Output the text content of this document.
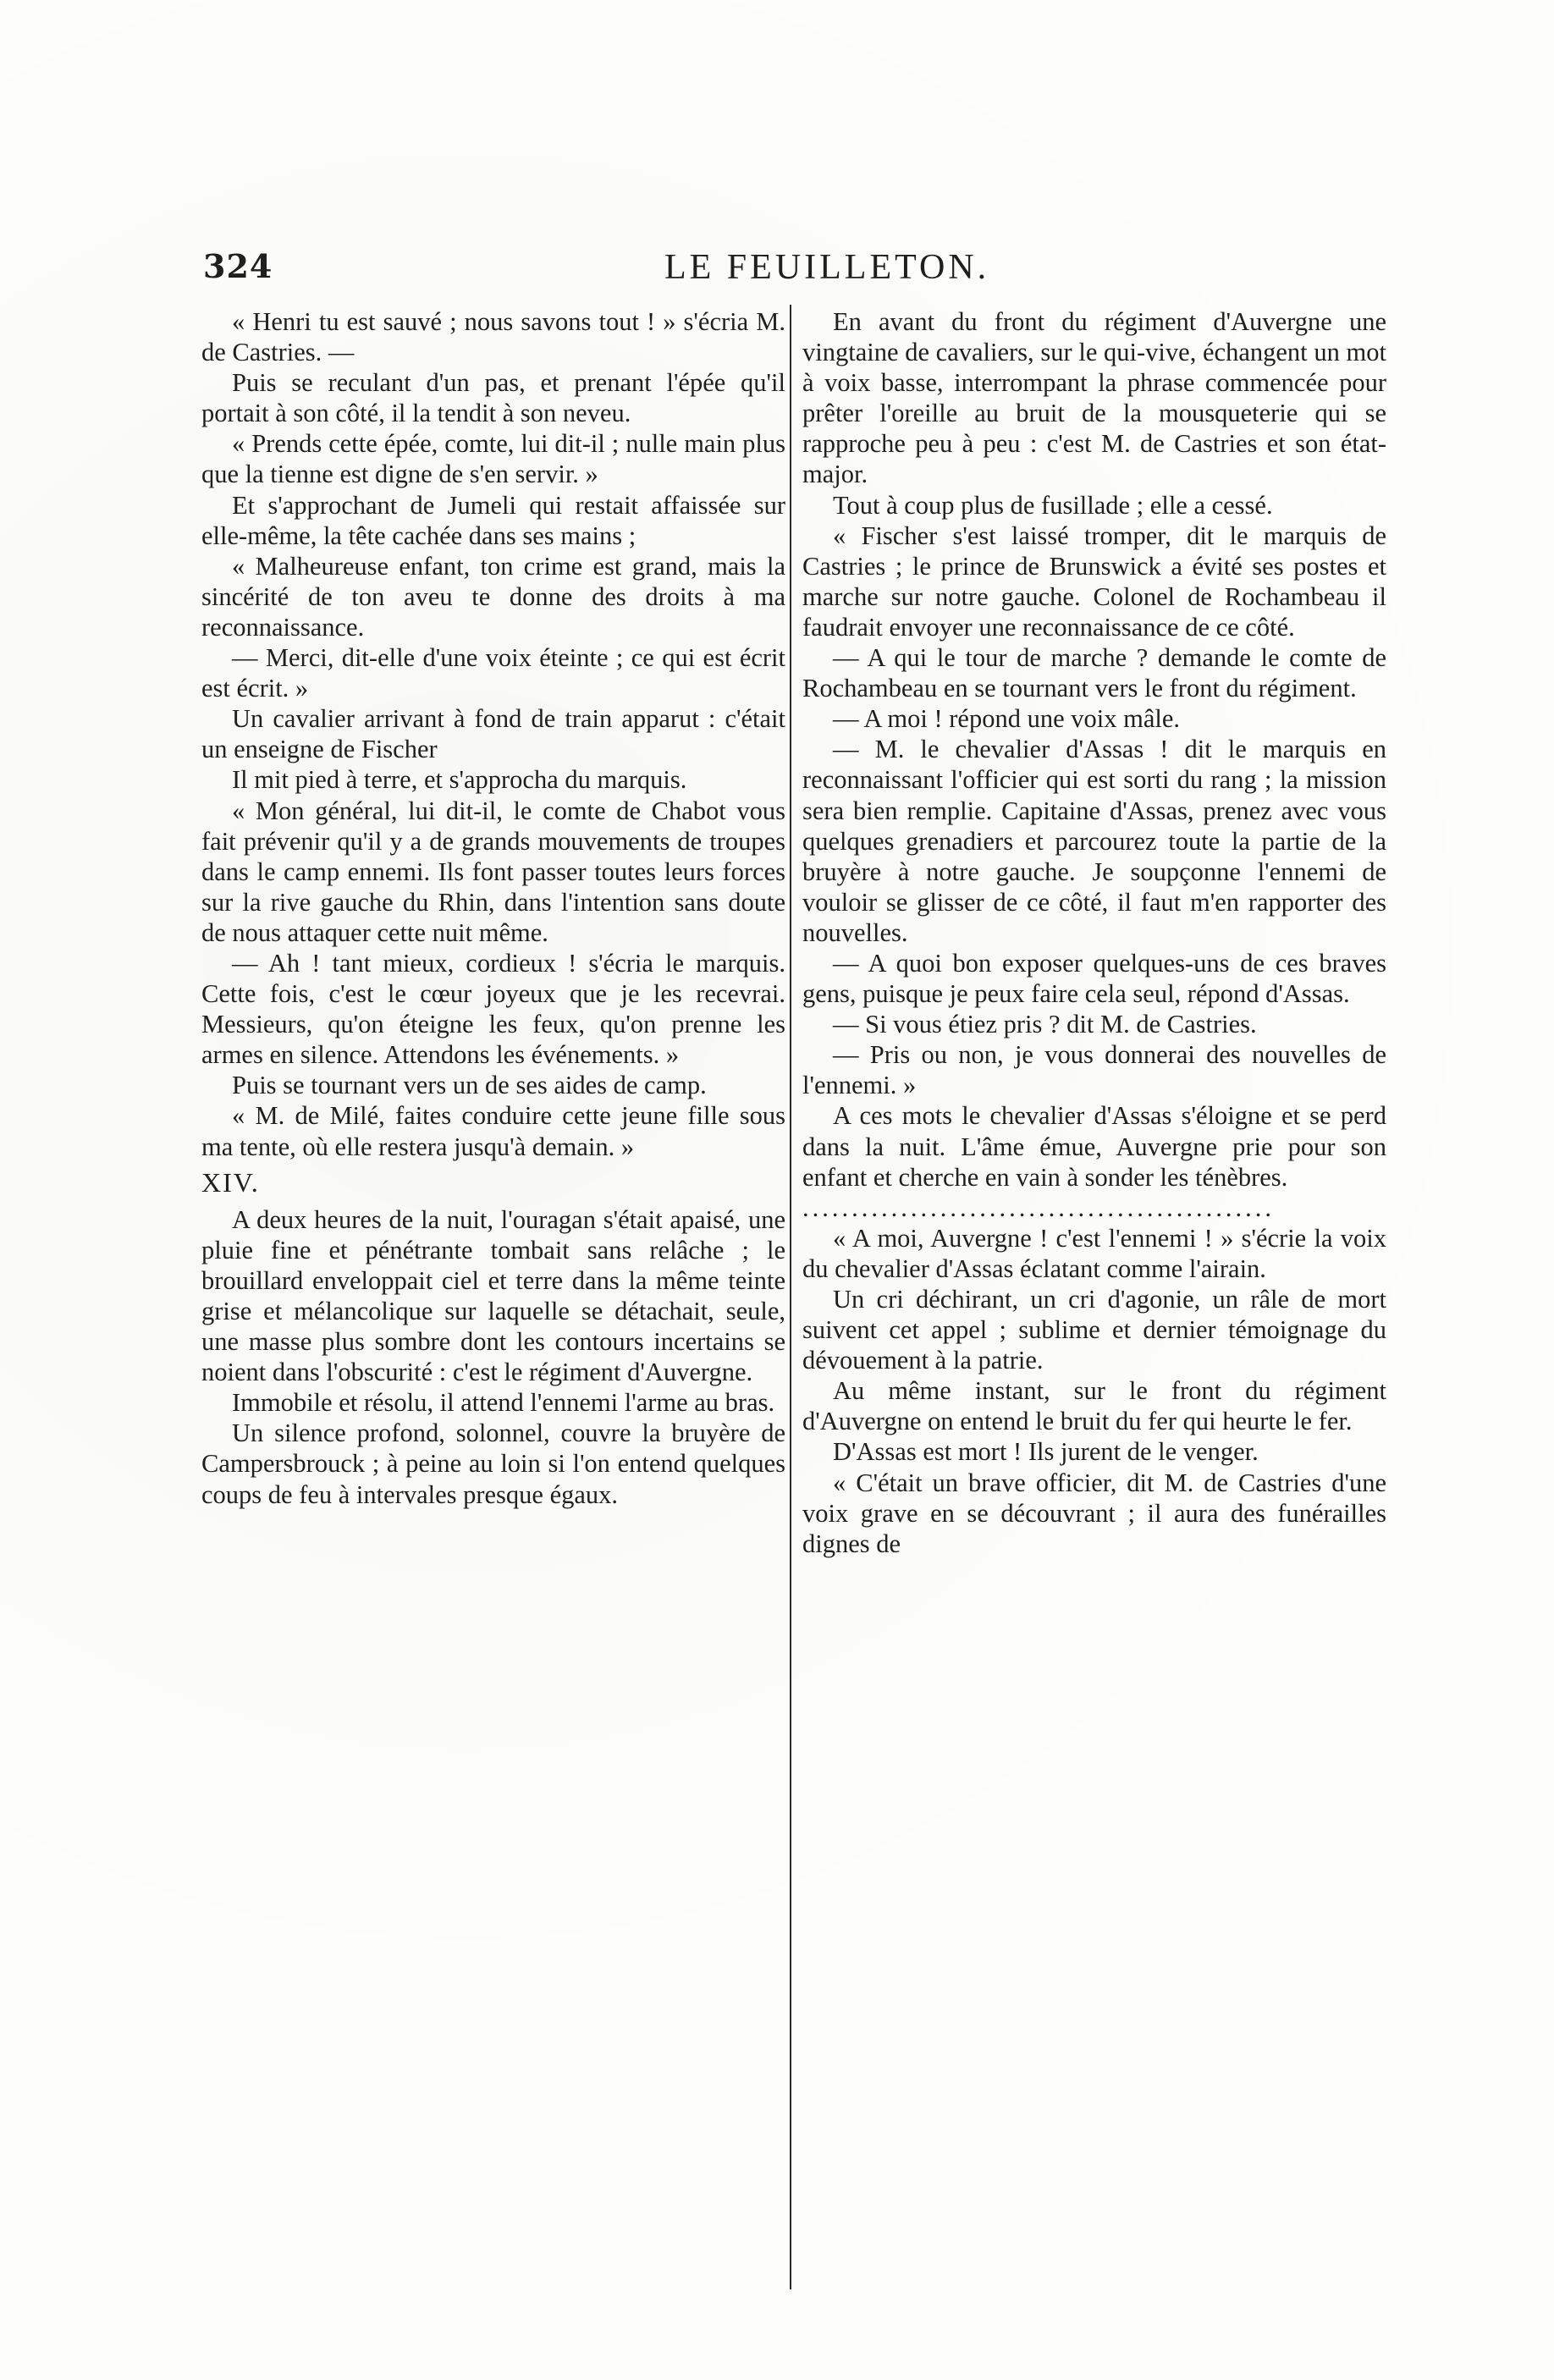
324	LE FEUILLETON.

« Henri tu est sauvé ; nous savons tout ! » s'écria M. de Castries. —

Puis se reculant d'un pas, et prenant l'épée qu'il portait à son côté, il la tendit à son neveu.

« Prends cette épée, comte, lui dit-il ; nulle main plus que la tienne est digne de s'en servir. »

Et s'approchant de Jumeli qui restait affaissée sur elle-même, la tête cachée dans ses mains ;

« Malheureuse enfant, ton crime est grand, mais la sincérité de ton aveu te donne des droits à ma reconnaissance.

— Merci, dit-elle d'une voix éteinte ; ce qui est écrit est écrit. »

Un cavalier arrivant à fond de train apparut : c'était un enseigne de Fischer

Il mit pied à terre, et s'approcha du marquis.

« Mon général, lui dit-il, le comte de Chabot vous fait prévenir qu'il y a de grands mouvements de troupes dans le camp ennemi. Ils font passer toutes leurs forces sur la rive gauche du Rhin, dans l'intention sans doute de nous attaquer cette nuit même.

— Ah ! tant mieux, cordieux ! s'écria le marquis. Cette fois, c'est le cœur joyeux que je les recevrai. Messieurs, qu'on éteigne les feux, qu'on prenne les armes en silence. Attendons les événements. »

Puis se tournant vers un de ses aides de camp.

« M. de Milé, faites conduire cette jeune fille sous ma tente, où elle restera jusqu'à demain. »

XIV.

A deux heures de la nuit, l'ouragan s'était apaisé, une pluie fine et pénétrante tombait sans relâche ; le brouillard enveloppait ciel et terre dans la même teinte grise et mélancolique sur laquelle se détachait, seule, une masse plus sombre dont les contours incertains se noient dans l'obscurité : c'est le régiment d'Auvergne.

Immobile et résolu, il attend l'ennemi l'arme au bras.

Un silence profond, solonnel, couvre la bruyère de Campersbrouck ; à peine au loin si l'on entend quelques coups de feu à intervales presque égaux.

En avant du front du régiment d'Auvergne une vingtaine de cavaliers, sur le qui-vive, échangent un mot à voix basse, interrompant la phrase commencée pour prêter l'oreille au bruit de la mousqueterie qui se rapproche peu à peu : c'est M. de Castries et son état-major.

Tout à coup plus de fusillade ; elle a cessé.

« Fischer s'est laissé tromper, dit le marquis de Castries ; le prince de Brunswick a évité ses postes et marche sur notre gauche. Colonel de Rochambeau il faudrait envoyer une reconnaissance de ce côté.

— A qui le tour de marche ? demande le comte de Rochambeau en se tournant vers le front du régiment.

— A moi ! répond une voix mâle.

— M. le chevalier d'Assas ! dit le marquis en reconnaissant l'officier qui est sorti du rang ; la mission sera bien remplie. Capitaine d'Assas, prenez avec vous quelques grenadiers et parcourez toute la partie de la bruyère à notre gauche. Je soupçonne l'ennemi de vouloir se glisser de ce côté, il faut m'en rapporter des nouvelles.

— A quoi bon exposer quelques-uns de ces braves gens, puisque je peux faire cela seul, répond d'Assas.

— Si vous étiez pris ? dit M. de Castries.

— Pris ou non, je vous donnerai des nouvelles de l'ennemi. »

A ces mots le chevalier d'Assas s'éloigne et se perd dans la nuit. L'âme émue, Auvergne prie pour son enfant et cherche en vain à sonder les ténèbres.

................................................

« A moi, Auvergne ! c'est l'ennemi ! » s'écrie la voix du chevalier d'Assas éclatant comme l'airain.

Un cri déchirant, un cri d'agonie, un râle de mort suivent cet appel ; sublime et dernier témoignage du dévouement à la patrie.

Au même instant, sur le front du régiment d'Auvergne on entend le bruit du fer qui heurte le fer.

D'Assas est mort ! Ils jurent de le venger.

« C'était un brave officier, dit M. de Castries d'une voix grave en se découvrant ; il aura des funérailles dignes de
